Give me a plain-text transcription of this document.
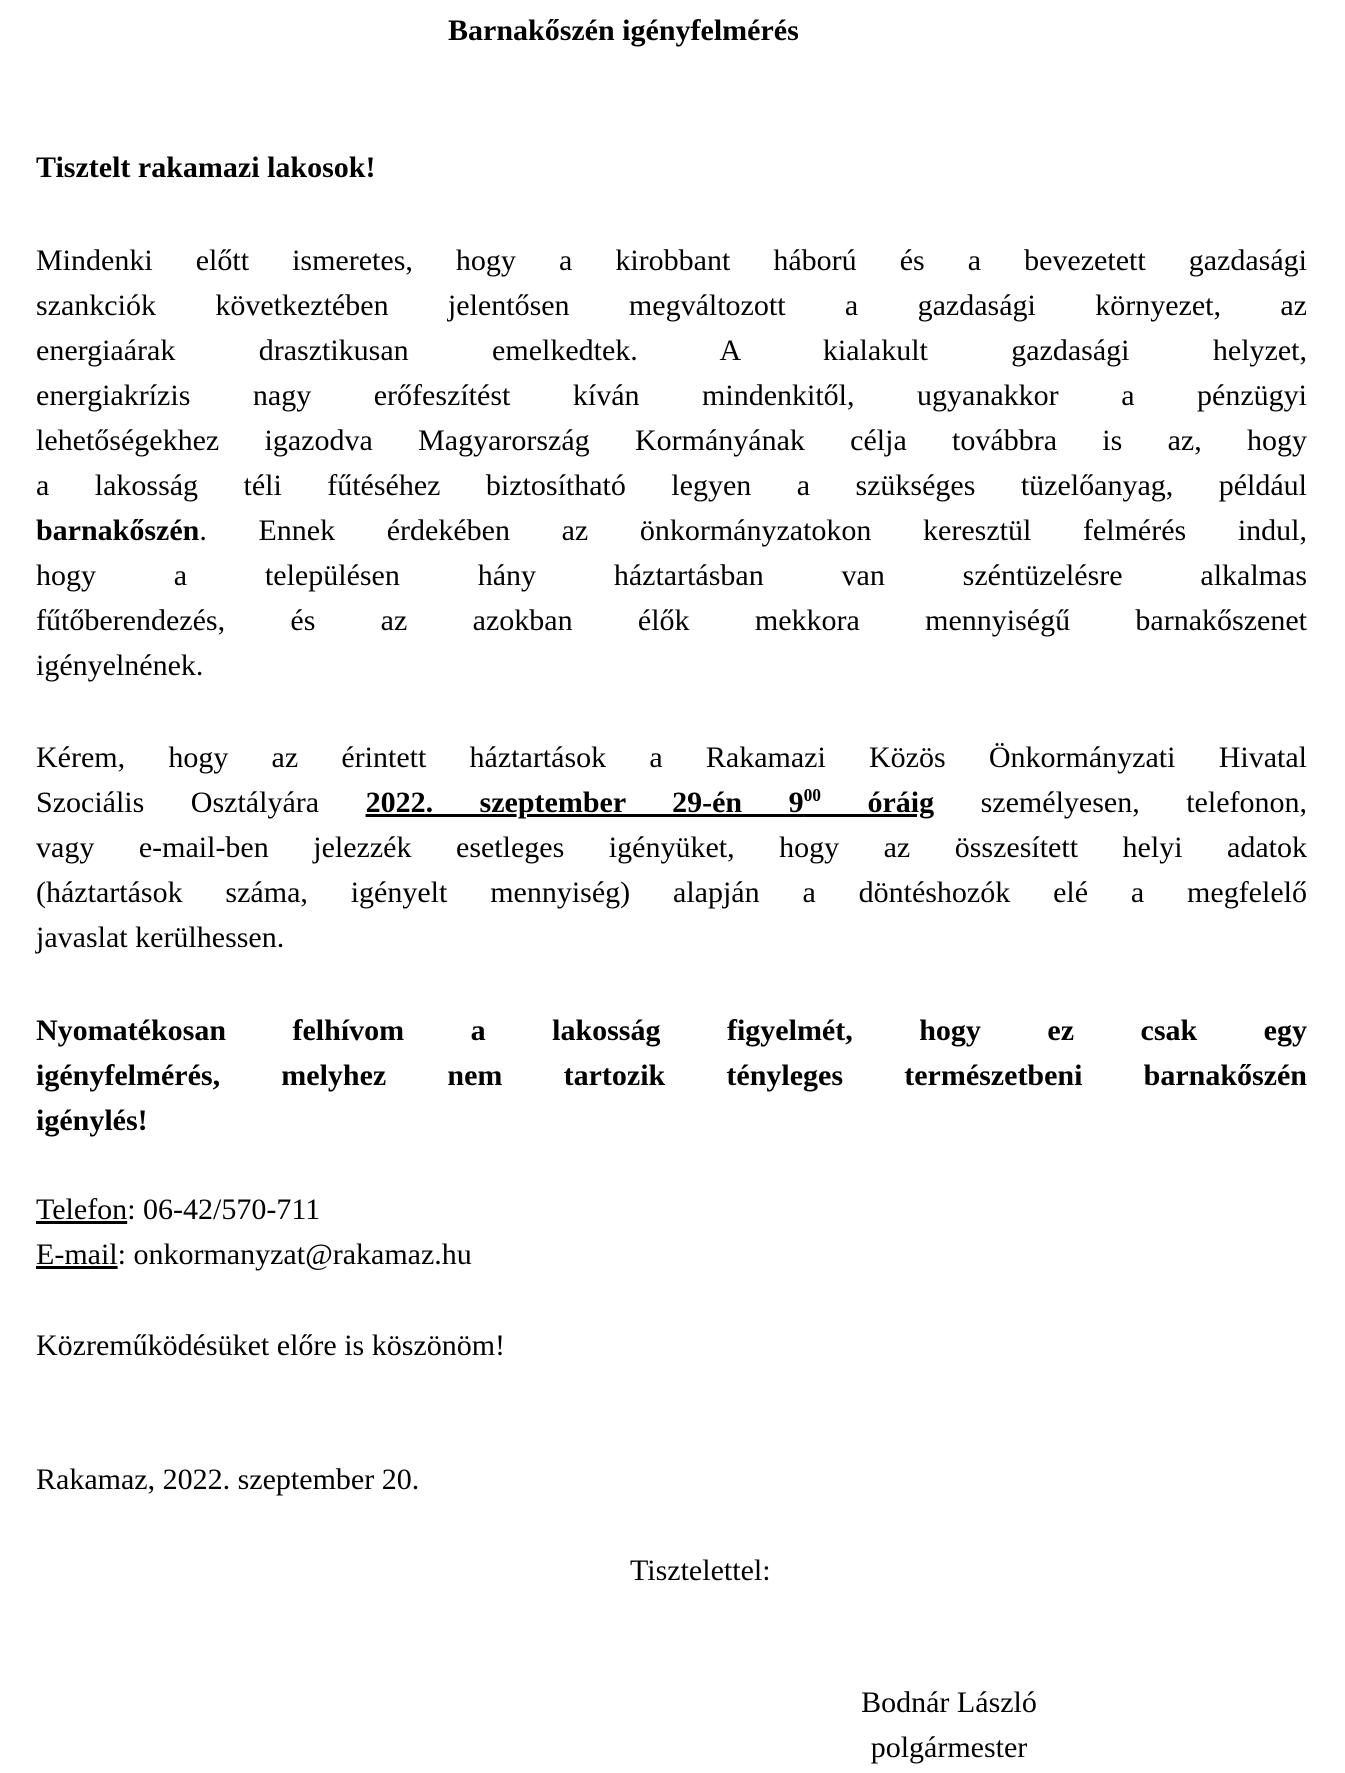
Barnakőszén igényfelmérés
Tisztelt rakamazi lakosok!
Mindenki előtt ismeretes, hogy a kirobbant háború és a bevezetett gazdasági
szankciók következtében jelentősen megváltozott a gazdasági környezet, az
energiaárak drasztikusan emelkedtek. A kialakult gazdasági helyzet,
energiakrízis nagy erőfeszítést kíván mindenkitől, ugyanakkor a pénzügyi
lehetőségekhez igazodva Magyarország Kormányának célja továbbra is az, hogy
a lakosság téli fűtéséhez biztosítható legyen a szükséges tüzelőanyag, például
barnakőszén. Ennek érdekében az önkormányzatokon keresztül felmérés indul,
hogy a településen hány háztartásban van széntüzelésre alkalmas
fűtőberendezés, és az azokban élők mekkora mennyiségű barnakőszenet
igényelnének.
Kérem, hogy az érintett háztartások a Rakamazi Közös Önkormányzati Hivatal
Szociális Osztályára 2022. szeptember 29-én $9^{00}$ óráig személyesen, telefonon,
vagy e-mail-ben jelezzék esetleges igényüket, hogy az összesített helyi adatok
(háztartások száma, igényelt mennyiség) alapján a döntéshozók elé a megfelelő
javaslat kerülhessen.
Nyomatékosan felhívom a lakosság figyelmét, hogy ez csak egy
igényfelmérés, melyhez nem tartozik tényleges természetbeni barnakőszén
igénylés!
Telefon: 06-42/570-711
E-mail: onkormanyzat@rakamaz.hu
Közreműködésüket előre is köszönöm!
Rakamaz, 2022. szeptember 20.
Tisztelettel:
Bodnár László
polgármester
